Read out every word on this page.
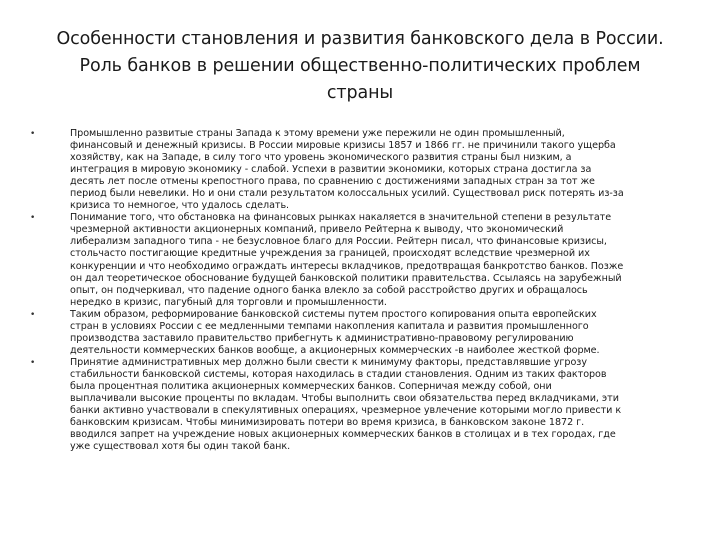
Особенности становления и развития банковского дела в России.
Роль банков в решении общественно-политических проблем
страны
•	Промышленно развитые страны Запада к этому времени уже пережили не один промышленный,
финансовый и денежный кризисы. В России мировые кризисы 1857 и 1866 гг. не причинили такого ущерба
хозяйству, как на Западе, в силу того что уровень экономического развития страны был низким, а
интеграция в мировую экономику - слабой. Успехи в развитии экономики, которых страна достигла за
десять лет после отмены крепостного права, по сравнению с достижениями западных стран за тот же
период были невелики. Но и они стали результатом колоссальных усилий. Существовал риск потерять из-за
кризиса то немногое, что удалось сделать.
•	Понимание того, что обстановка на финансовых рынках накаляется в значительной степени в результате
чрезмерной активности акционерных компаний, привело Рейтерна к выводу, что экономический
либерализм западного типа - не безусловное благо для России. Рейтерн писал, что финансовые кризисы,
стольчасто постигающие кредитные учреждения за границей, происходят вследствие чрезмерной их
конкуренции и что необходимо ограждать интересы вкладчиков, предотвращая банкротство банков. Позже
он дал теоретическое обоснование будущей банковской политики правительства. Ссылаясь на зарубежный
опыт, он подчеркивал, что падение одного банка влекло за собой расстройство других и обращалось
нередко в кризис, пагубный для торговли и промышленности.
•	Таким образом, реформирование банковской системы путем простого копирования опыта европейских
стран в условиях России с ее медленными темпами накопления капитала и развития промышленного
производства заставило правительство прибегнуть к административно-правовому регулированию
деятельности коммерческих банков вообще, а акционерных коммерческих -в наиболее жесткой форме.
•	Принятие административных мер должно были свести к минимуму факторы, представлявшие угрозу
стабильности банковской системы, которая находилась в стадии становления. Одним из таких факторов
была процентная политика акционерных коммерческих банков. Соперничая между собой, они
выплачивали высокие проценты по вкладам. Чтобы выполнить свои обязательства перед вкладчиками, эти
банки активно участвовали в спекулятивных операциях, чрезмерное увлечение которыми могло привести к
банковским кризисам. Чтобы минимизировать потери во время кризиса, в банковском законе 1872 г.
вводился запрет на учреждение новых акционерных коммерческих банков в столицах и в тех городах, где
уже существовал хотя бы один такой банк.
